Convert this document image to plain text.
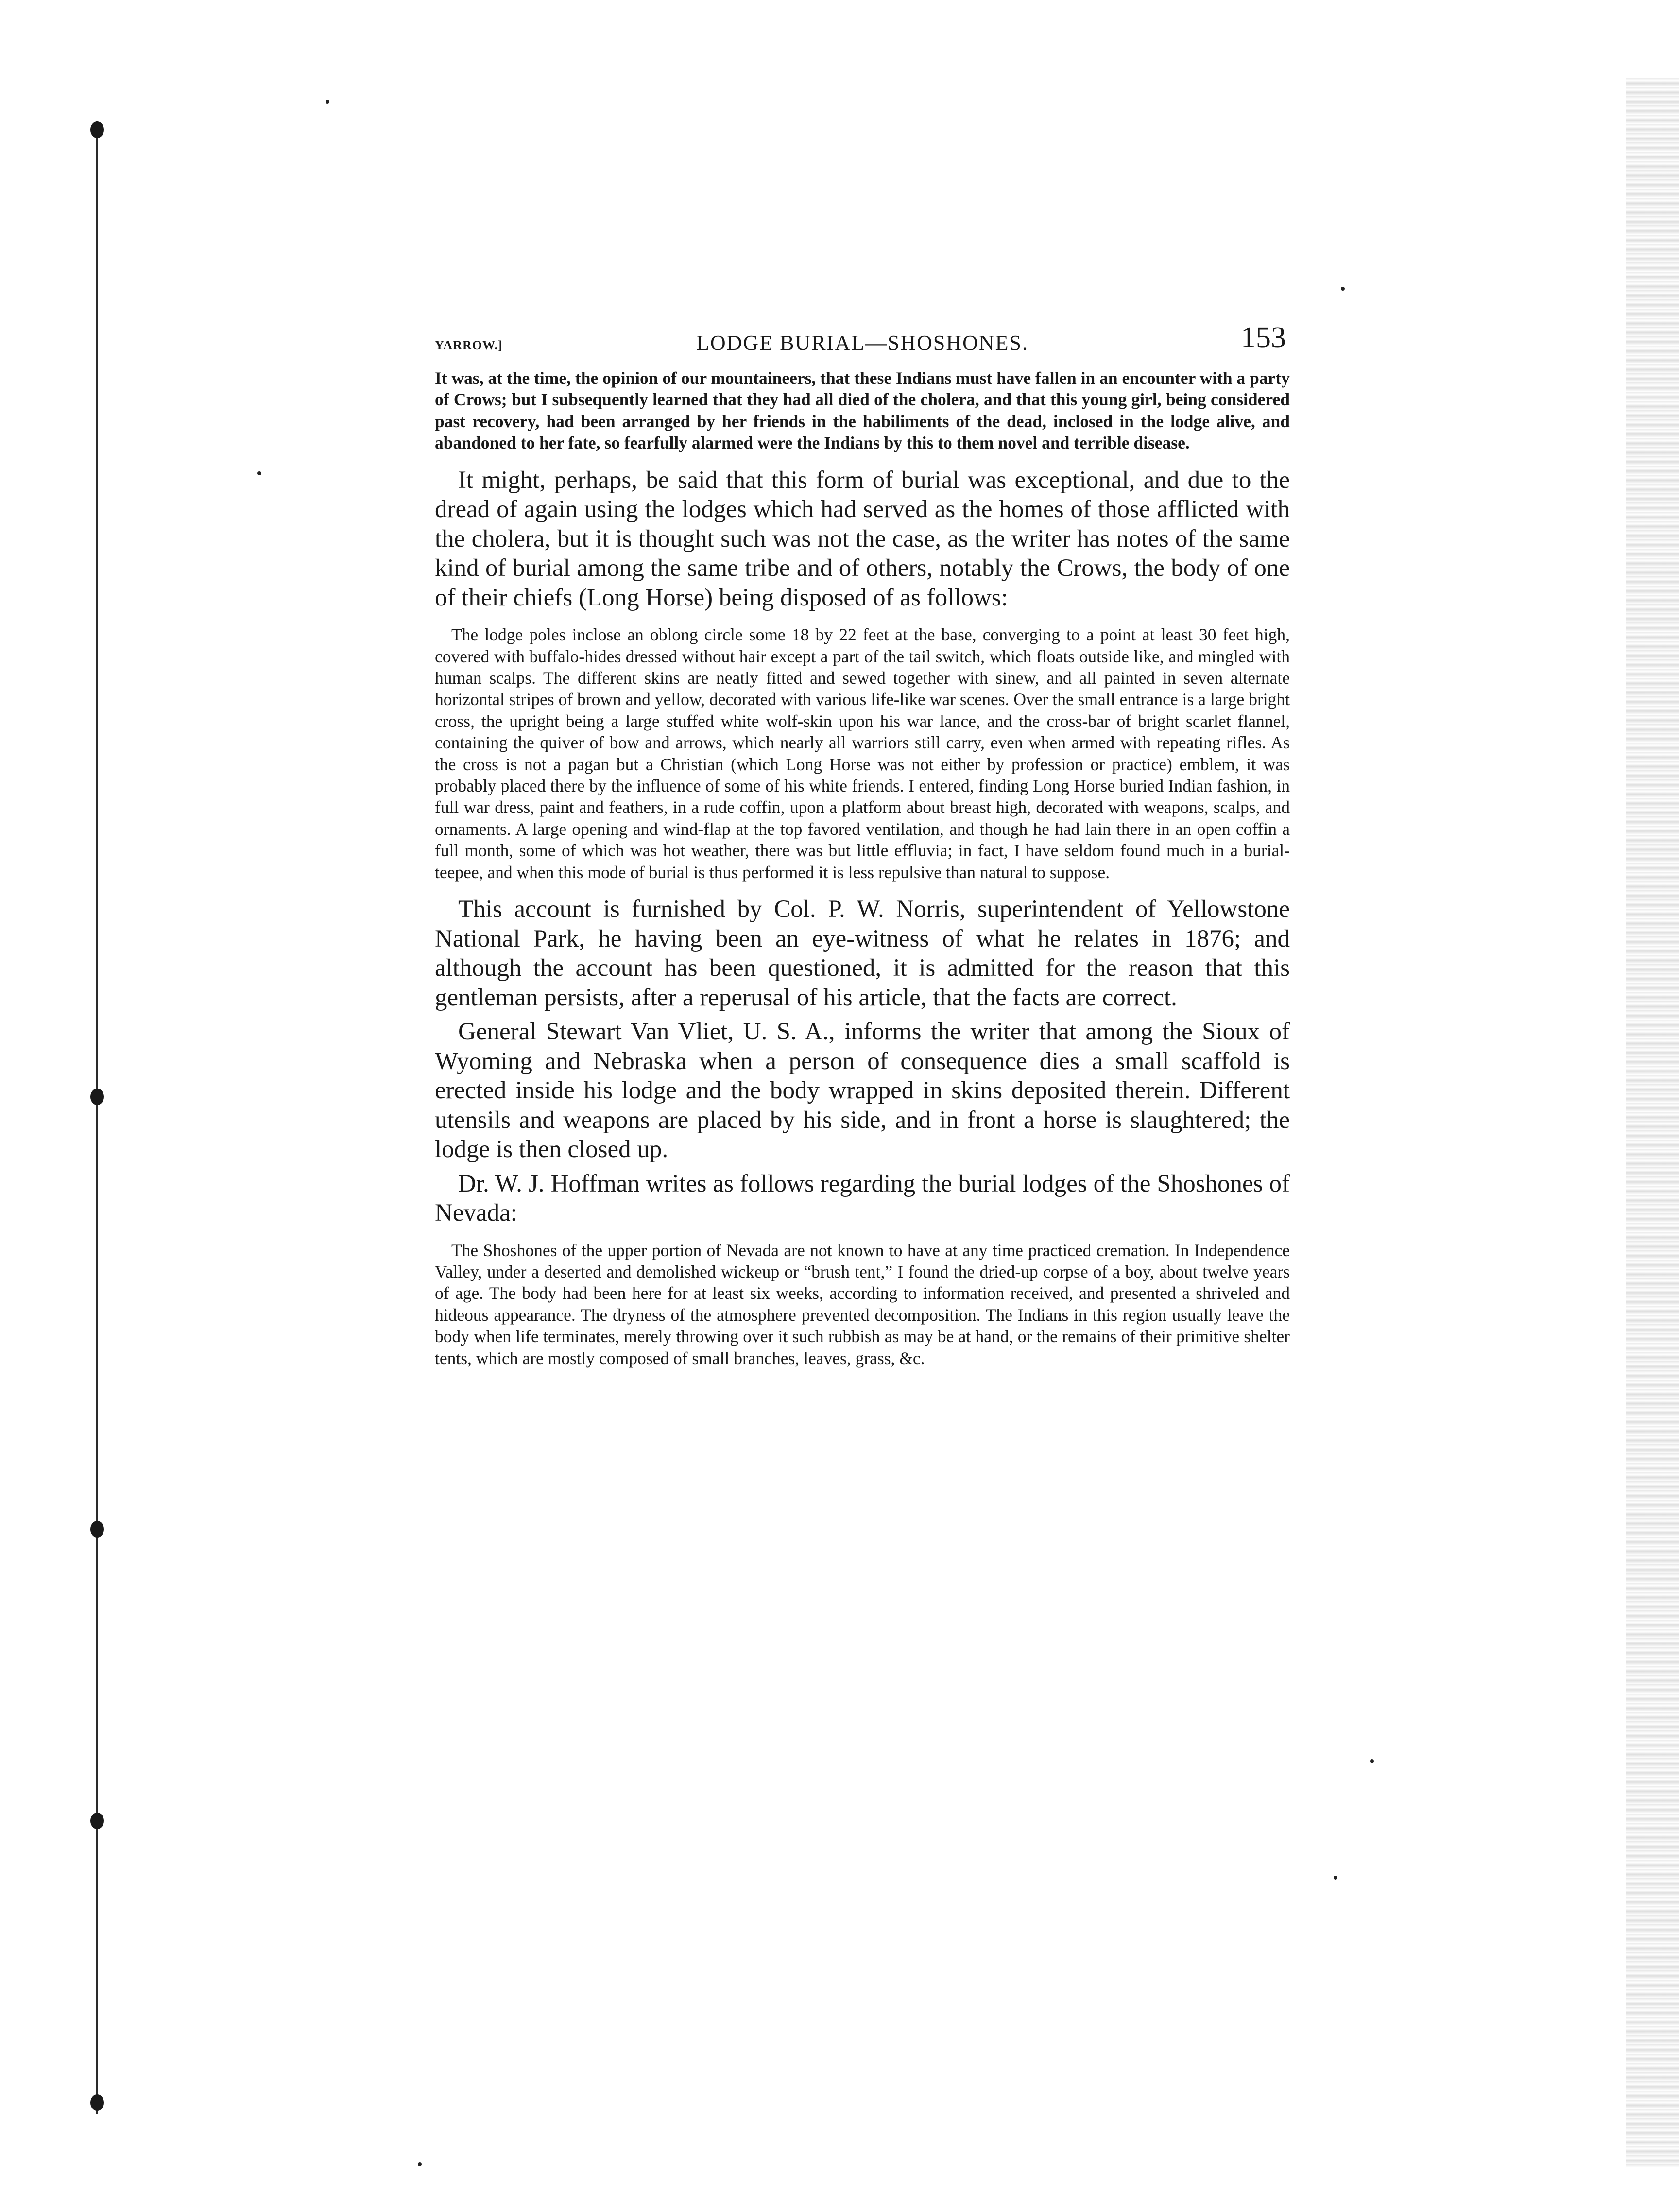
YARROW.]	LODGE BURIAL—SHOSHONES.	153

It was, at the time, the opinion of our mountaineers, that these Indians must have fallen in an encounter with a party of Crows; but I subsequently learned that they had all died of the cholera, and that this young girl, being considered past recovery, had been arranged by her friends in the habiliments of the dead, inclosed in the lodge alive, and abandoned to her fate, so fearfully alarmed were the Indians by this to them novel and terrible disease.

It might, perhaps, be said that this form of burial was exceptional, and due to the dread of again using the lodges which had served as the homes of those afflicted with the cholera, but it is thought such was not the case, as the writer has notes of the same kind of burial among the same tribe and of others, notably the Crows, the body of one of their chiefs (Long Horse) being disposed of as follows:

The lodge poles inclose an oblong circle some 18 by 22 feet at the base, converging to a point at least 30 feet high, covered with buffalo-hides dressed without hair except a part of the tail switch, which floats outside like, and mingled with human scalps. The different skins are neatly fitted and sewed together with sinew, and all painted in seven alternate horizontal stripes of brown and yellow, decorated with various life-like war scenes. Over the small entrance is a large bright cross, the upright being a large stuffed white wolf-skin upon his war lance, and the cross-bar of bright scarlet flannel, containing the quiver of bow and arrows, which nearly all warriors still carry, even when armed with repeating rifles. As the cross is not a pagan but a Christian (which Long Horse was not either by profession or practice) emblem, it was probably placed there by the influence of some of his white friends. I entered, finding Long Horse buried Indian fashion, in full war dress, paint and feathers, in a rude coffin, upon a platform about breast high, decorated with weapons, scalps, and ornaments. A large opening and wind-flap at the top favored ventilation, and though he had lain there in an open coffin a full month, some of which was hot weather, there was but little effluvia; in fact, I have seldom found much in a burial-teepee, and when this mode of burial is thus performed it is less repulsive than natural to suppose.

This account is furnished by Col. P. W. Norris, superintendent of Yellowstone National Park, he having been an eye-witness of what he relates in 1876; and although the account has been questioned, it is admitted for the reason that this gentleman persists, after a reperusal of his article, that the facts are correct.

General Stewart Van Vliet, U. S. A., informs the writer that among the Sioux of Wyoming and Nebraska when a person of consequence dies a small scaffold is erected inside his lodge and the body wrapped in skins deposited therein. Different utensils and weapons are placed by his side, and in front a horse is slaughtered; the lodge is then closed up.

Dr. W. J. Hoffman writes as follows regarding the burial lodges of the Shoshones of Nevada:

The Shoshones of the upper portion of Nevada are not known to have at any time practiced cremation. In Independence Valley, under a deserted and demolished wickeup or “brush tent,” I found the dried-up corpse of a boy, about twelve years of age. The body had been here for at least six weeks, according to information received, and presented a shriveled and hideous appearance. The dryness of the atmosphere prevented decomposition. The Indians in this region usually leave the body when life terminates, merely throwing over it such rubbish as may be at hand, or the remains of their primitive shelter tents, which are mostly composed of small branches, leaves, grass, &c.
